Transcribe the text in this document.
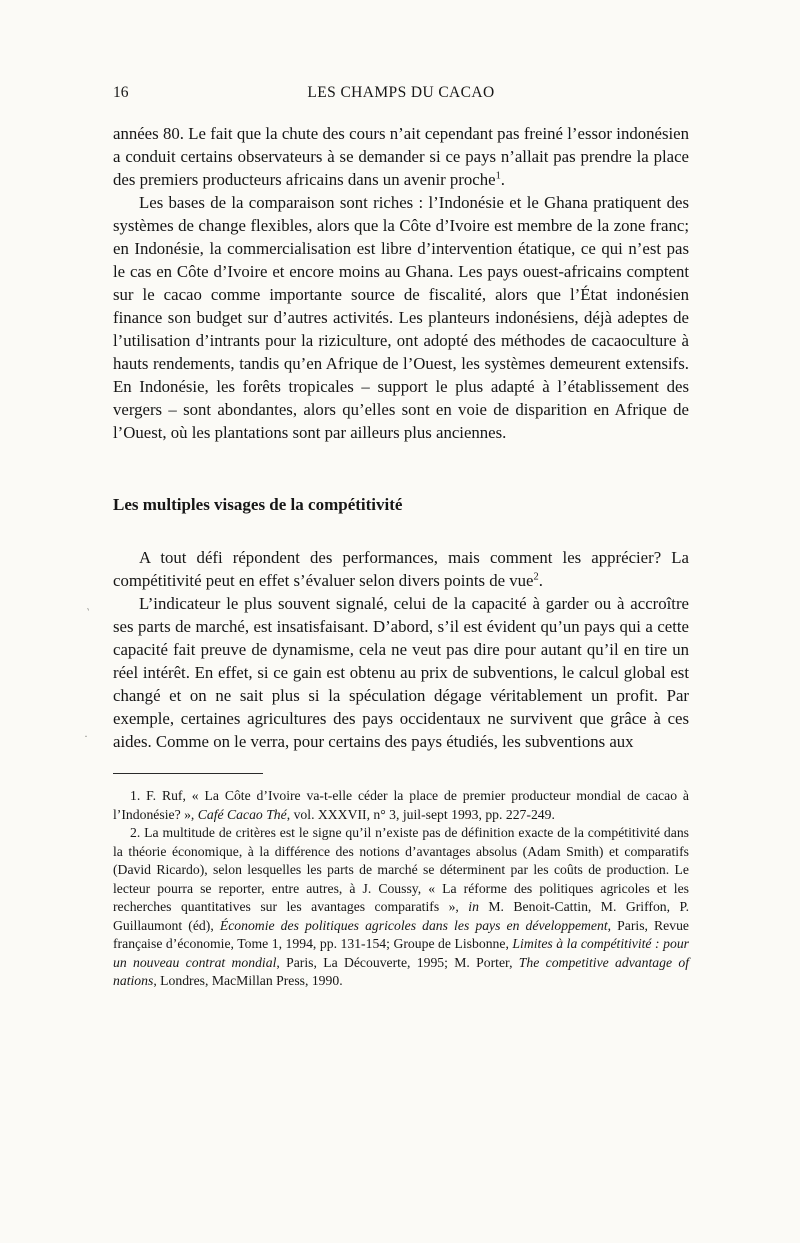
‵
·
16	LES CHAMPS DU CACAO

années 80. Le fait que la chute des cours n’ait cependant pas freiné l’essor indonésien a conduit certains observateurs à se demander si ce pays n’allait pas prendre la place des premiers producteurs africains dans un avenir proche$^1$.

Les bases de la comparaison sont riches : l’Indonésie et le Ghana pratiquent des systèmes de change flexibles, alors que la Côte d’Ivoire est membre de la zone franc; en Indonésie, la commercialisation est libre d’intervention étatique, ce qui n’est pas le cas en Côte d’Ivoire et encore moins au Ghana. Les pays ouest-africains comptent sur le cacao comme importante source de fiscalité, alors que l’État indonésien finance son budget sur d’autres activités. Les planteurs indonésiens, déjà adeptes de l’utilisation d’intrants pour la riziculture, ont adopté des méthodes de cacaoculture à hauts rendements, tandis qu’en Afrique de l’Ouest, les systèmes demeurent extensifs. En Indonésie, les forêts tropicales – support le plus adapté à l’établissement des vergers – sont abondantes, alors qu’elles sont en voie de disparition en Afrique de l’Ouest, où les plantations sont par ailleurs plus anciennes.

Les multiples visages de la compétitivité

A tout défi répondent des performances, mais comment les apprécier? La compétitivité peut en effet s’évaluer selon divers points de vue$^2$.

L’indicateur le plus souvent signalé, celui de la capacité à garder ou à accroître ses parts de marché, est insatisfaisant. D’abord, s’il est évident qu’un pays qui a cette capacité fait preuve de dynamisme, cela ne veut pas dire pour autant qu’il en tire un réel intérêt. En effet, si ce gain est obtenu au prix de subventions, le calcul global est changé et on ne sait plus si la spéculation dégage véritablement un profit. Par exemple, certaines agricultures des pays occidentaux ne survivent que grâce à ces aides. Comme on le verra, pour certains des pays étudiés, les subventions aux

1. F. Ruf, « La Côte d’Ivoire va-t-elle céder la place de premier producteur mondial de cacao à l’Indonésie? », Café Cacao Thé, vol. XXXVII, n° 3, juil-sept 1993, pp. 227-249.

2. La multitude de critères est le signe qu’il n’existe pas de définition exacte de la compétitivité dans la théorie économique, à la différence des notions d’avantages absolus (Adam Smith) et comparatifs (David Ricardo), selon lesquelles les parts de marché se déterminent par les coûts de production. Le lecteur pourra se reporter, entre autres, à J. Coussy, « La réforme des politiques agricoles et les recherches quantitatives sur les avantages comparatifs », in M. Benoit-Cattin, M. Griffon, P. Guillaumont (éd), Économie des politiques agricoles dans les pays en développement, Paris, Revue française d’économie, Tome 1, 1994, pp. 131-154; Groupe de Lisbonne, Limites à la compétitivité : pour un nouveau contrat mondial, Paris, La Découverte, 1995; M. Porter, The competitive advantage of nations, Londres, MacMillan Press, 1990.
